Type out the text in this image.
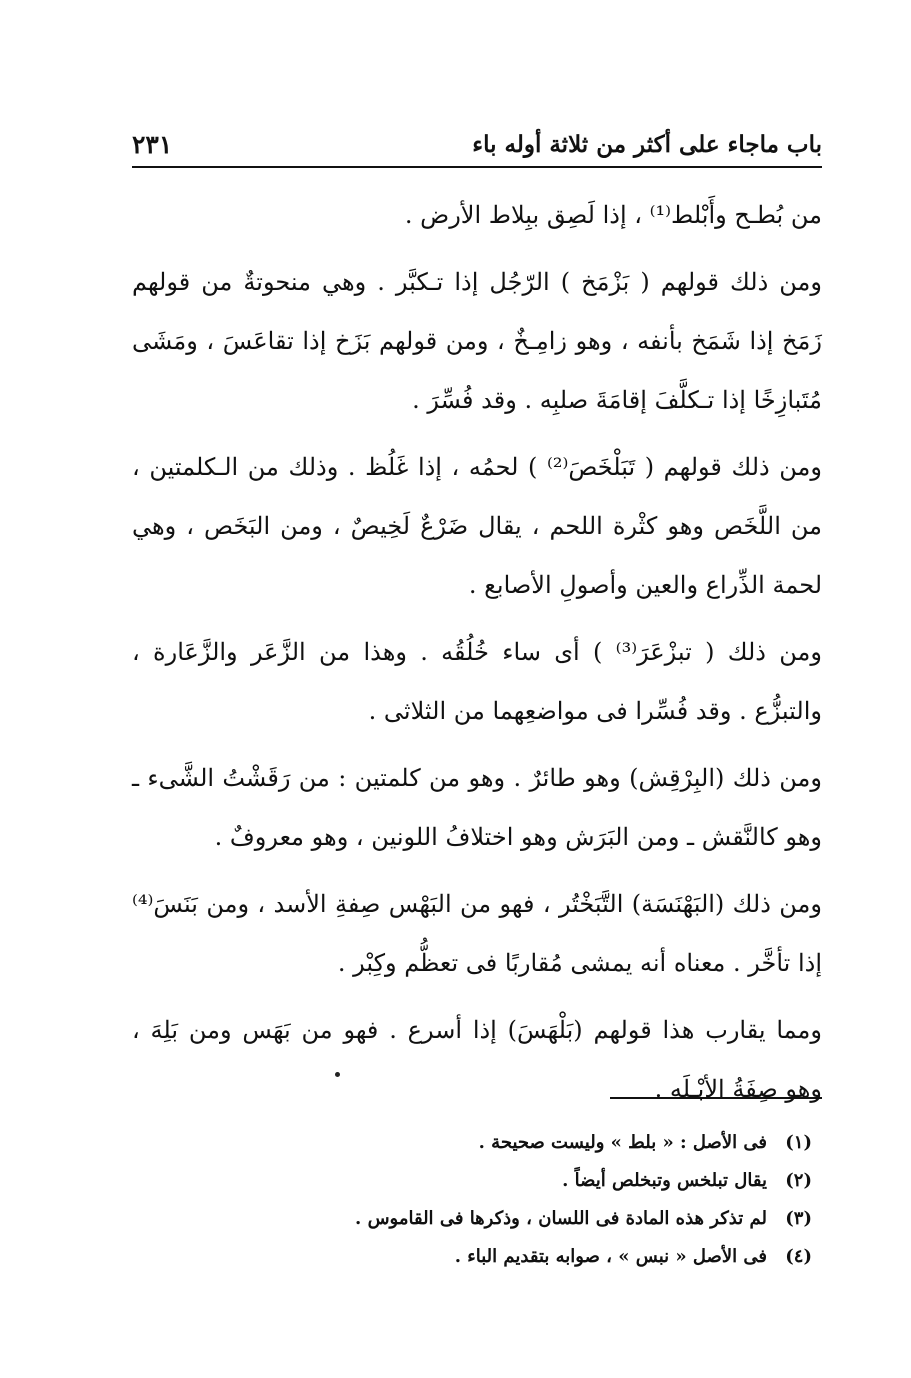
باب ماجاء على أكثر من ثلاثة أوله باء
٢٣١

من بُطـح وأَبْلط⁽¹⁾ ، إذا لَصِق ببِلاط الأرض .

ومن ذلك قولهم ( بَزْمَخ ) الرّجُل إذا تـكبَّر . وهي منحوتةٌ من قولهم زَمَخ إذا شَمَخ بأنفه ، وهو زامِـخٌ ، ومن قولهم بَزَخ إذا تقاعَسَ ، ومَشَى مُتَبازِخًا إذا تـكلَّفَ إقامَةَ صلبِه . وقد فُسِّرَ .

ومن ذلك قولهم ( تَبَلْخَصَ⁽²⁾ ) لحمُه ، إذا غَلُظ . وذلك من الـكلمتين ، من اللَّخَص وهو كثْرة اللحم ، يقال ضَرْعٌ لَخِيصٌ ، ومن البَخَص ، وهي لحمة الذِّراع والعين وأصولِ الأصابع .

ومن ذلك ( تبزْعَرَ⁽³⁾ ) أى ساء خُلُقُه . وهذا من الزَّعَر والزَّعَارة ، والتبزُّع . وقد فُسِّرا فى مواضعِهما من الثلاثى .

ومن ذلك (البِرْقِش) وهو طائرٌ . وهو من كلمتين : من رَقَشْتُ الشَّىء ـ وهو كالنَّقش ـ ومن البَرَش وهو اختلافُ اللونين ، وهو معروفٌ .

ومن ذلك (البَهْنَسَة) التَّبَخْتُر ، فهو من البَهْس صِفةِ الأسد ، ومن بَنَسَ⁽⁴⁾ إذا تأخَّر . معناه أنه يمشى مُقاربًا فى تعظُّم وكِبْر .

ومما يقارب هذا قولهم (بَلْهَسَ) إذا أسرع . فهو من بَهَس ومن بَلِهَ ، وهو صِفَةُ الأبْـلَه .

(١) فى الأصل : « بلط » وليست صحيحة .
(٢) يقال تبلخس وتبخلص أيضاً .
(٣) لم تذكر هذه المادة فى اللسان ، وذكرها فى القاموس .
(٤) فى الأصل « نبس » ، صوابه بتقديم الباء .
